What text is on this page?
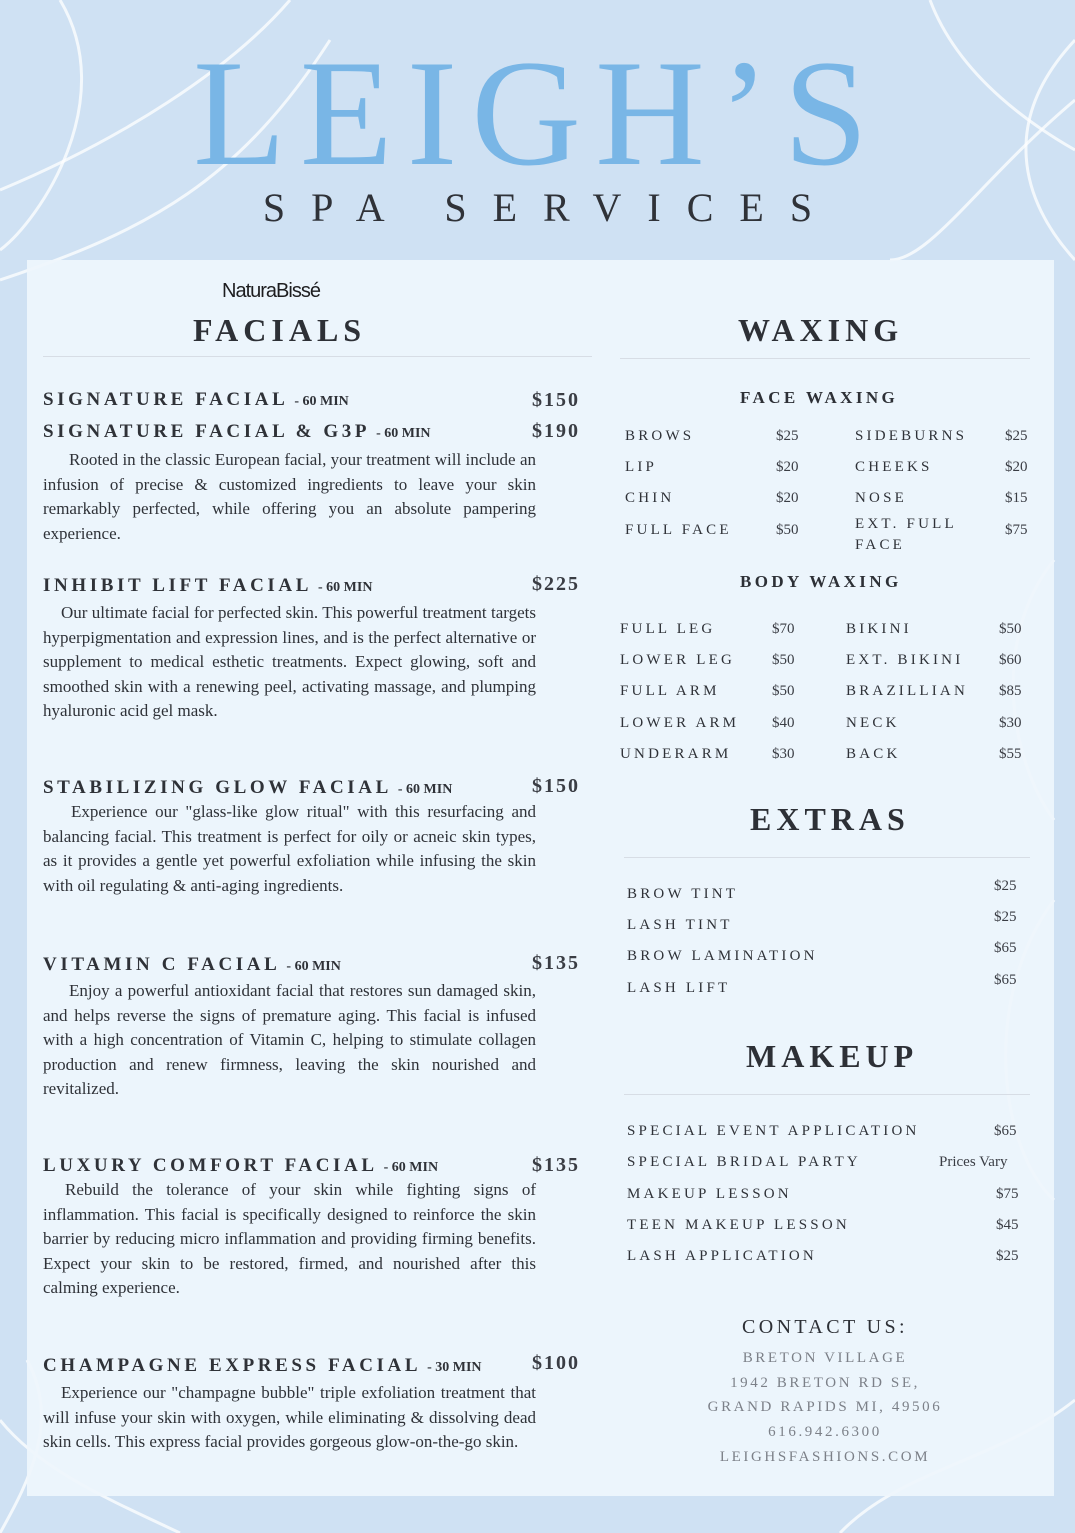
LEIGH’S
SPA SERVICES
NaturaBissé
FACIALS
SIGNATURE FACIAL - 60 MIN	$150
SIGNATURE FACIAL & G3P - 60 MIN	$190

Rooted in the classic European facial, your treatment will include an infusion of precise & customized ingredients to leave your skin remarkably perfected, while offering you an absolute pampering experience.

INHIBIT LIFT FACIAL - 60 MIN	$225

Our ultimate facial for perfected skin. This powerful treatment targets hyperpigmentation and expression lines, and is the perfect alternative or supplement to medical esthetic treatments. Expect glowing, soft and smoothed skin with a renewing peel, activating massage, and plumping hyaluronic acid gel mask.

STABILIZING GLOW FACIAL - 60 MIN	$150

Experience our "glass-like glow ritual" with this resurfacing and balancing facial. This treatment is perfect for oily or acneic skin types, as it provides a gentle yet powerful exfoliation while infusing the skin with oil regulating & anti-aging ingredients.

VITAMIN C FACIAL - 60 MIN	$135

Enjoy a powerful antioxidant facial that restores sun damaged skin, and helps reverse the signs of premature aging. This facial is infused with a high concentration of Vitamin C, helping to stimulate collagen production and renew firmness, leaving the skin nourished and revitalized.

LUXURY COMFORT FACIAL - 60 MIN	$135

Rebuild the tolerance of your skin while fighting signs of inflammation. This facial is specifically designed to reinforce the skin barrier by reducing micro inflammation and providing firming benefits. Expect your skin to be restored, firmed, and nourished after this calming experience.

CHAMPAGNE EXPRESS FACIAL - 30 MIN	$100

Experience our "champagne bubble" triple exfoliation treatment that will infuse your skin with oxygen, while eliminating & dissolving dead skin cells. This express facial provides gorgeous glow-on-the-go skin.

WAXING
FACE WAXING
BROWS	$25
LIP	$20
CHIN	$20
FULL FACE	$50
SIDEBURNS	$25
CHEEKS	$20
NOSE	$15
EXT. FULL
FACE
$75
BODY WAXING
FULL LEG	$70
LOWER LEG $50
FULL ARM	$50
LOWER ARM $40
UNDERARM	$30
BIKINI	$50
EXT. BIKINI $60
BRAZILLIAN $85
NECK	$30
BACK	$55
EXTRAS
BROW TINT	$25
LASH TINT	$25
BROW LAMINATION	$65
LASH LIFT	$65
MAKEUP
SPECIAL EVENT APPLICATION	$65
SPECIAL BRIDAL PARTY	Prices Vary
MAKEUP LESSON	$75
TEEN MAKEUP LESSON	$45
LASH APPLICATION	$25
CONTACT US:
BRETON VILLAGE
1942 BRETON RD SE,
GRAND RAPIDS MI, 49506
616.942.6300
LEIGHSFASHIONS.COM
